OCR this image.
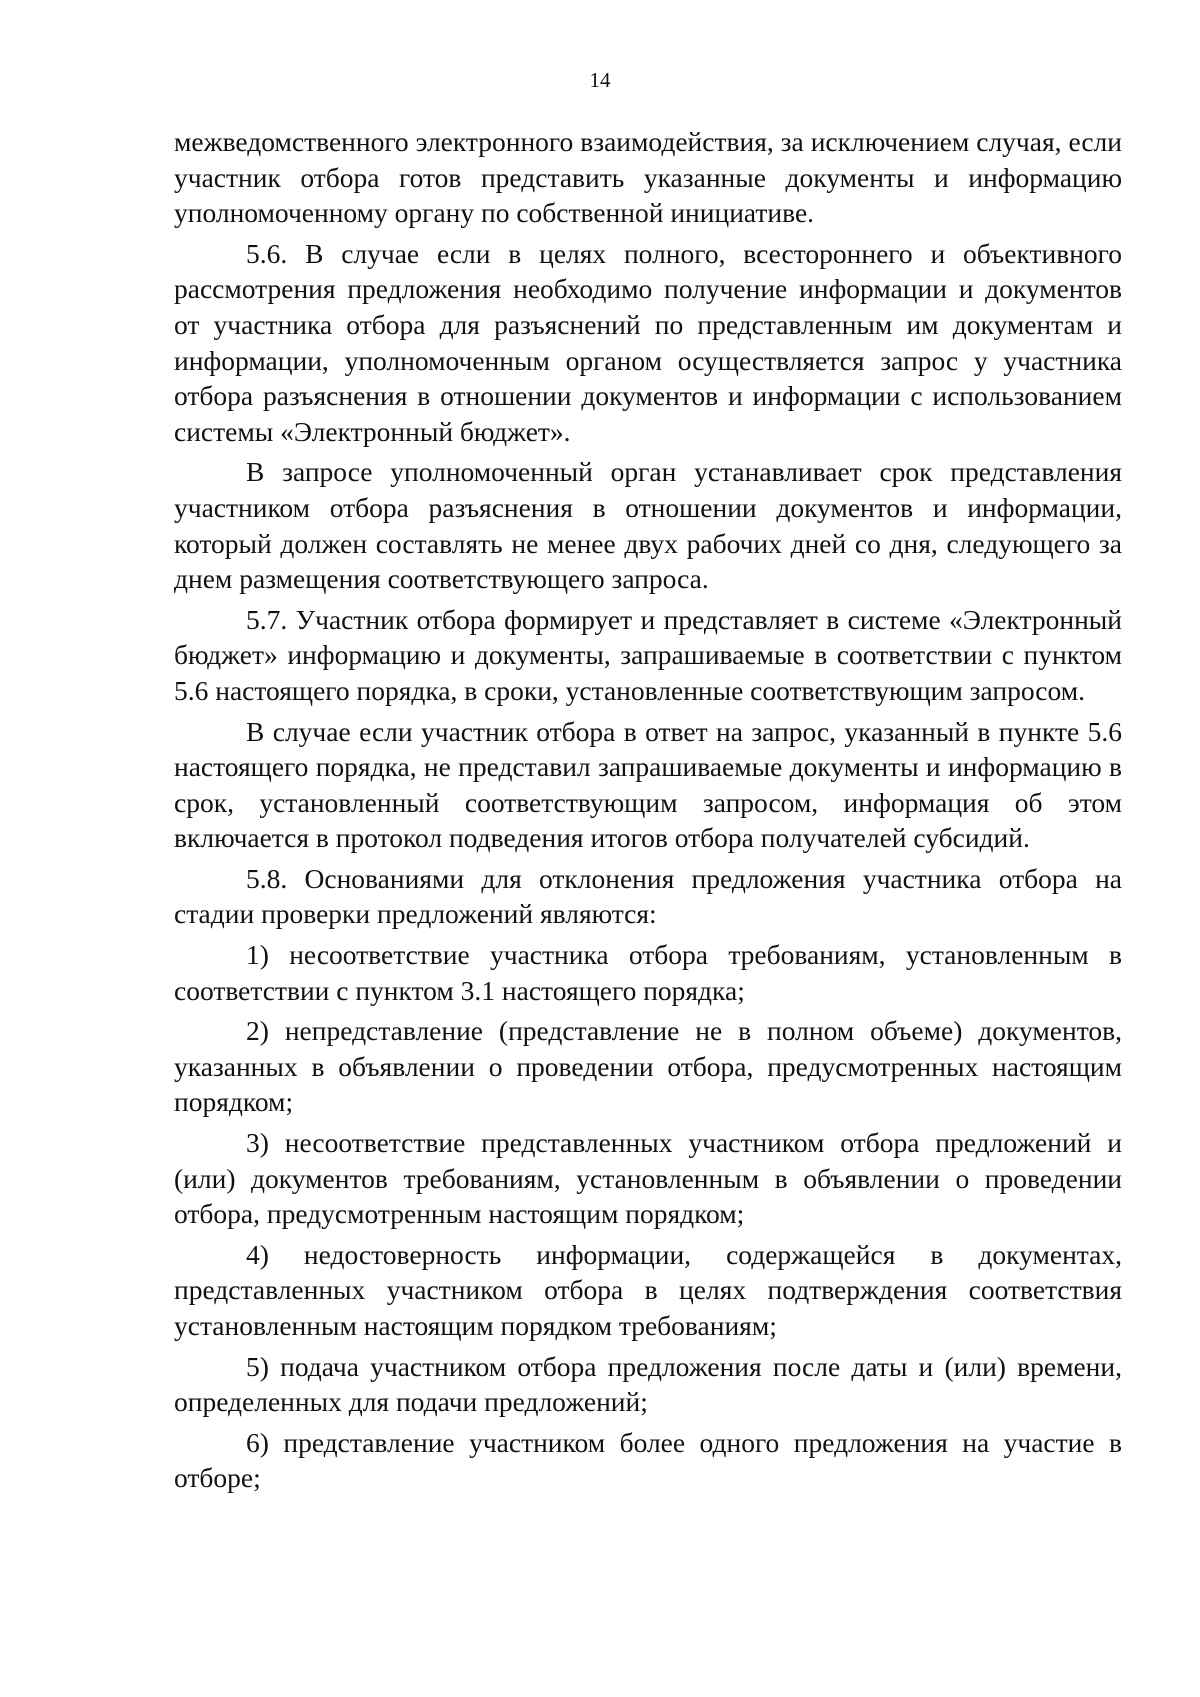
14

межведомственного электронного взаимодействия, за исключением случая, если участник отбора готов представить указанные документы и информацию уполномоченному органу по собственной инициативе.

5.6. В случае если в целях полного, всестороннего и объективного рассмотрения предложения необходимо получение информации и документов от участника отбора для разъяснений по представленным им документам и информации, уполномоченным органом осуществляется запрос у участника отбора разъяснения в отношении документов и информации с использованием системы «Электронный бюджет».

В запросе уполномоченный орган устанавливает срок представления участником отбора разъяснения в отношении документов и информации, который должен составлять не менее двух рабочих дней со дня, следующего за днем размещения соответствующего запроса.

5.7. Участник отбора формирует и представляет в системе «Электронный бюджет» информацию и документы, запрашиваемые в соответствии с пунктом 5.6 настоящего порядка, в сроки, установленные соответствующим запросом.

В случае если участник отбора в ответ на запрос, указанный в пункте 5.6 настоящего порядка, не представил запрашиваемые документы и информацию в срок, установленный соответствующим запросом, информация об этом включается в протокол подведения итогов отбора получателей субсидий.

5.8. Основаниями для отклонения предложения участника отбора на стадии проверки предложений являются:

1) несоответствие участника отбора требованиям, установленным в соответствии с пунктом 3.1 настоящего порядка;

2) непредставление (представление не в полном объеме) документов, указанных в объявлении о проведении отбора, предусмотренных настоящим порядком;

3) несоответствие представленных участником отбора предложений и (или) документов требованиям, установленным в объявлении о проведении отбора, предусмотренным настоящим порядком;

4) недостоверность информации, содержащейся в документах, представленных участником отбора в целях подтверждения соответствия установленным настоящим порядком требованиям;

5) подача участником отбора предложения после даты и (или) времени, определенных для подачи предложений;

6) представление участником более одного предложения на участие в отборе;
